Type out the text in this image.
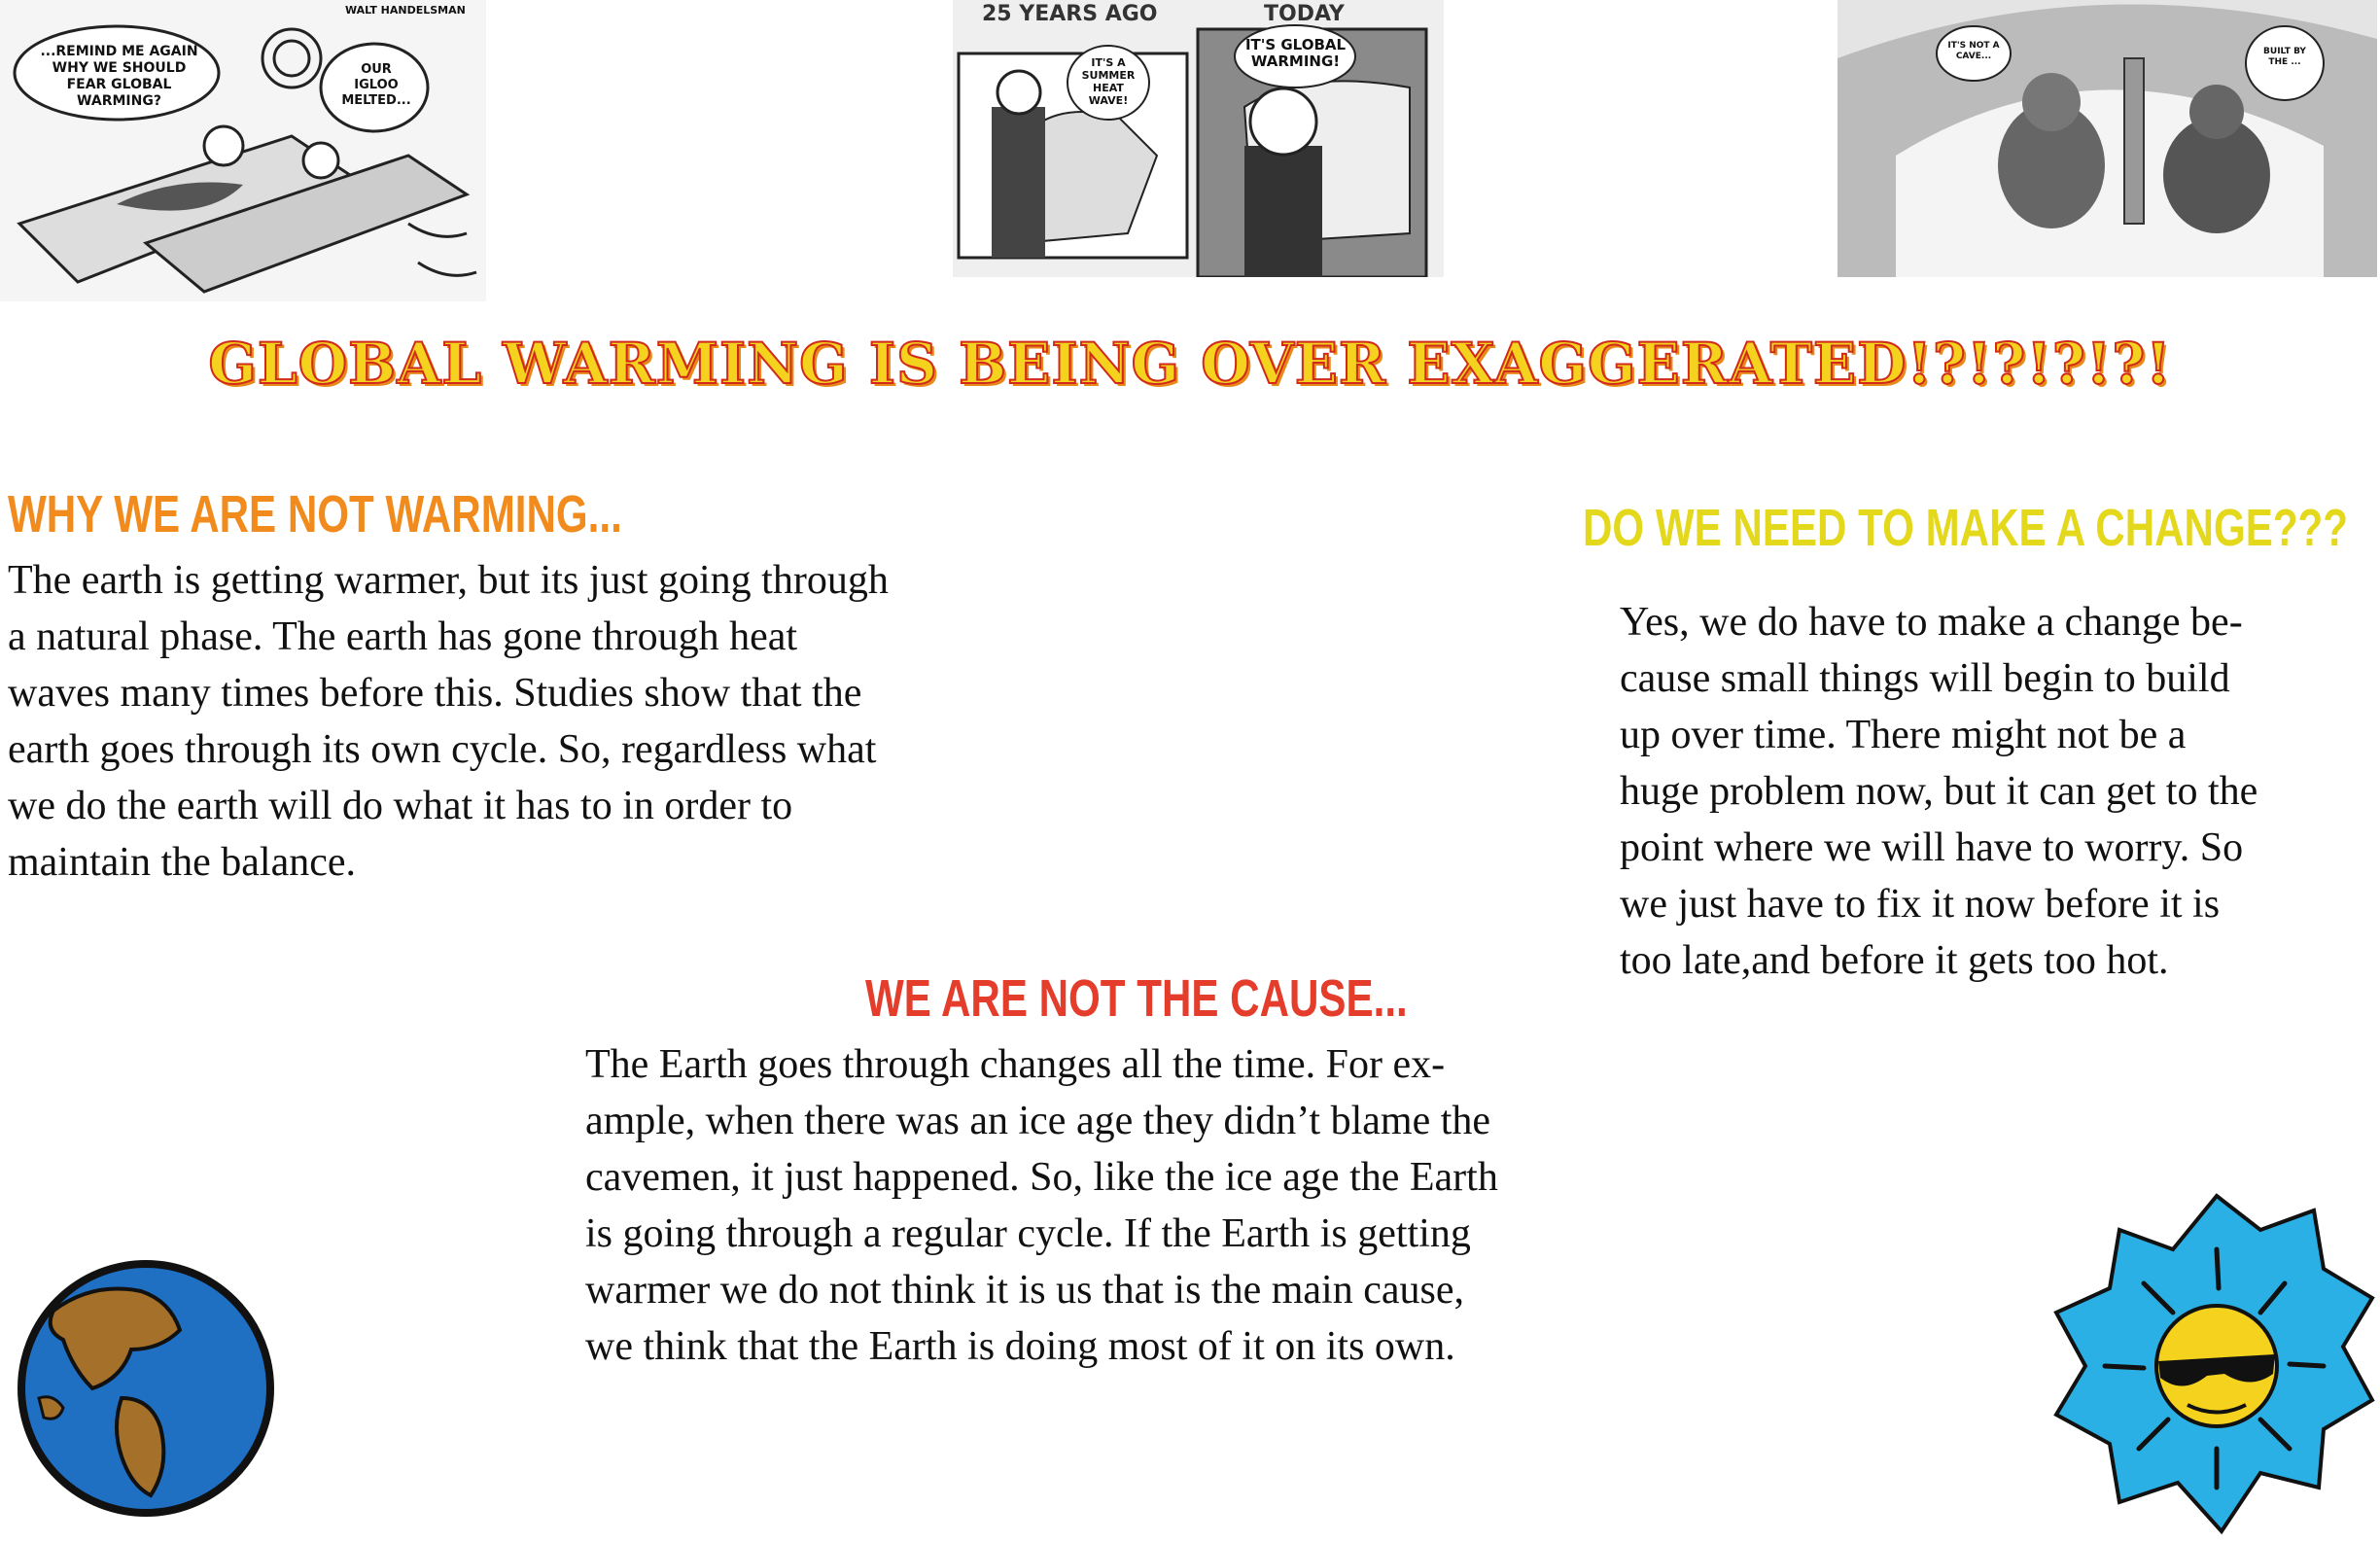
...REMIND ME AGAIN WHY WE SHOULD FEAR GLOBAL WARMING?
OUR IGLOO MELTED...
WALT HANDELSMAN	25 YEARS AGO	TODAY
IT'S A SUMMER HEAT WAVE!
IT'S GLOBAL WARMING!
IT'S NOT A CAVE...	BUILT BY THE ...
GLOBAL WARMING IS BEING OVER EXAGGERATED!?!?!?!?!
WHY WE ARE NOT WARMING...
The earth is getting warmer, but its just going through
a natural phase. The earth has gone through heat
waves many times before this. Studies show that the
earth goes through its own cycle. So, regardless what
we do the earth will do what it has to in order to
maintain the balance.
DO WE NEED TO MAKE A CHANGE???
Yes, we do have to make a change be-
cause small things will begin to build
up over time. There might not be a
huge problem now, but it can get to the
point where we will have to worry. So
we just have to fix it now before it is
too late,and before it gets too hot.
WE ARE NOT THE CAUSE...
The Earth goes through changes all the time. For ex-
ample, when there was an ice age they didn’t blame the
cavemen, it just happened. So, like the ice age the Earth
is going through a regular cycle. If the Earth is getting
warmer we do not think it is us that is the main cause,
we think that the Earth is doing most of it on its own.
